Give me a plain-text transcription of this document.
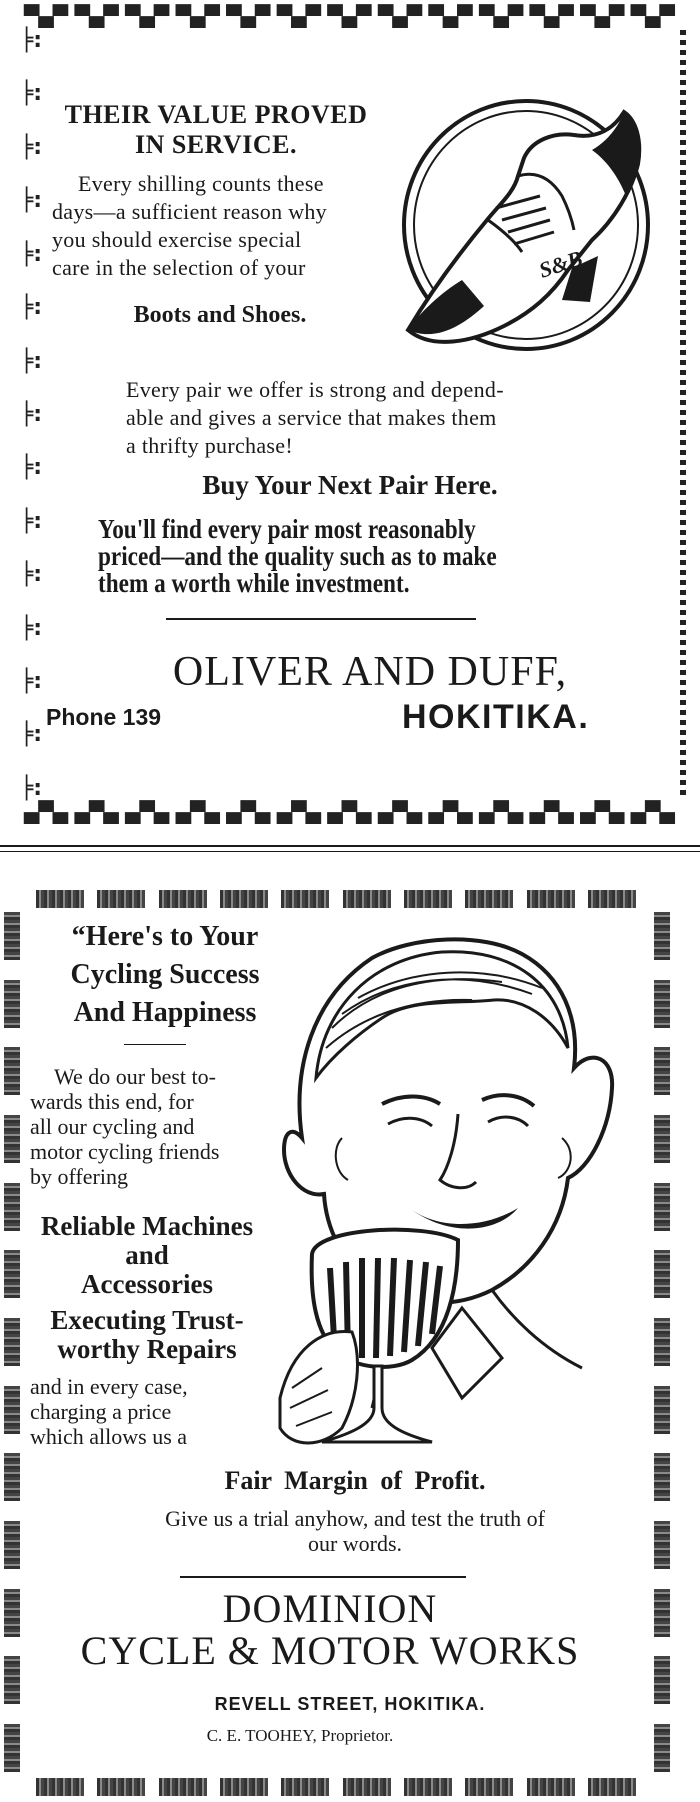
▀▄▀ ▀▄▀ ▀▄▀ ▀▄▀ ▀▄▀ ▀▄▀ ▀▄▀ ▀▄▀ ▀▄▀ ▀▄▀ ▀▄▀ ▀▄▀ ▀▄▀
╞:
╞:
╞:
╞:
╞:
╞:
╞:
╞:
╞:
╞:
╞:
╞:
╞:
╞:
╞:
▄▀▄ ▄▀▄ ▄▀▄ ▄▀▄ ▄▀▄ ▄▀▄ ▄▀▄ ▄▀▄ ▄▀▄ ▄▀▄ ▄▀▄ ▄▀▄ ▄▀▄
THEIR VALUE PROVED
IN SERVICE.
Every shilling counts these
days—a sufficient reason why
you should exercise special
care in the selection of your
Boots and Shoes.
S&B
Every pair we offer is strong and depend-
able and gives a service that makes them
a thrifty purchase!
Buy Your Next Pair Here.
You'll find every pair most reasonably
priced—and the quality such as to make
them a worth while investment.
OLIVER AND DUFF,
Phone 139	HOKITIKA.
“Here's to Your
Cycling Success
And Happiness
We do our best to-
wards this end, for
all our cycling and
motor cycling friends
by offering
Reliable Machines
and
Accessories
Executing Trust-
worthy Repairs
and in every case,
charging a price
which allows us a
Fair Margin of Profit.
Give us a trial anyhow, and test the truth of
our words.
DOMINION
CYCLE & MOTOR WORKS
REVELL STREET, HOKITIKA.
C. E. TOOHEY, Proprietor.
